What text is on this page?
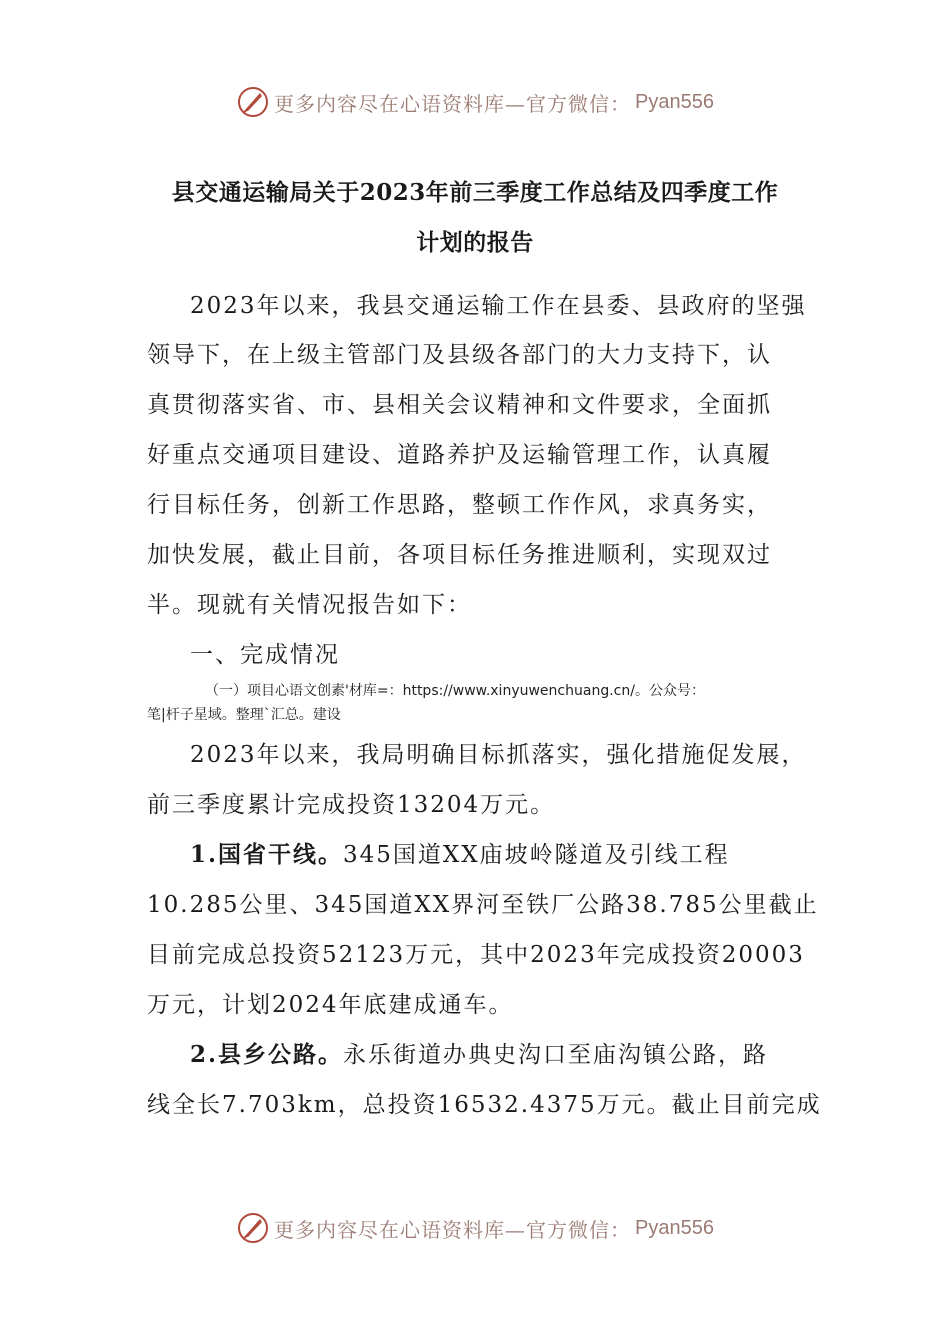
更多内容尽在心语资料库—官方微信： Pyan556
县交通运输局关于2023年前三季度工作总结及四季度工作
计划的报告
2023年以来，我县交通运输工作在县委、县政府的坚强
领导下，在上级主管部门及县级各部门的大力支持下，认
真贯彻落实省、市、县相关会议精神和文件要求，全面抓
好重点交通项目建设、道路养护及运输管理工作，认真履
行目标任务，创新工作思路，整顿工作作风，求真务实，
加快发展，截止目前，各项目标任务推进顺利，实现双过
半。现就有关情况报告如下：
一、完成情况
（一）项目心语文创素'材库=：https://www.xinyuwenchuang.cn/。公众号：
笔|杆子星域。整理`汇总。建设
2023年以来，我局明确目标抓落实，强化措施促发展，
前三季度累计完成投资13204万元。
1.国省干线。345国道XX庙坡岭隧道及引线工程
10.285公里、345国道XX界河至铁厂公路38.785公里截止
目前完成总投资52123万元，其中2023年完成投资20003
万元，计划2024年底建成通车。
2.县乡公路。永乐街道办典史沟口至庙沟镇公路，路
线全长7.703km，总投资16532.4375万元。截止目前完成
更多内容尽在心语资料库—官方微信： Pyan556
